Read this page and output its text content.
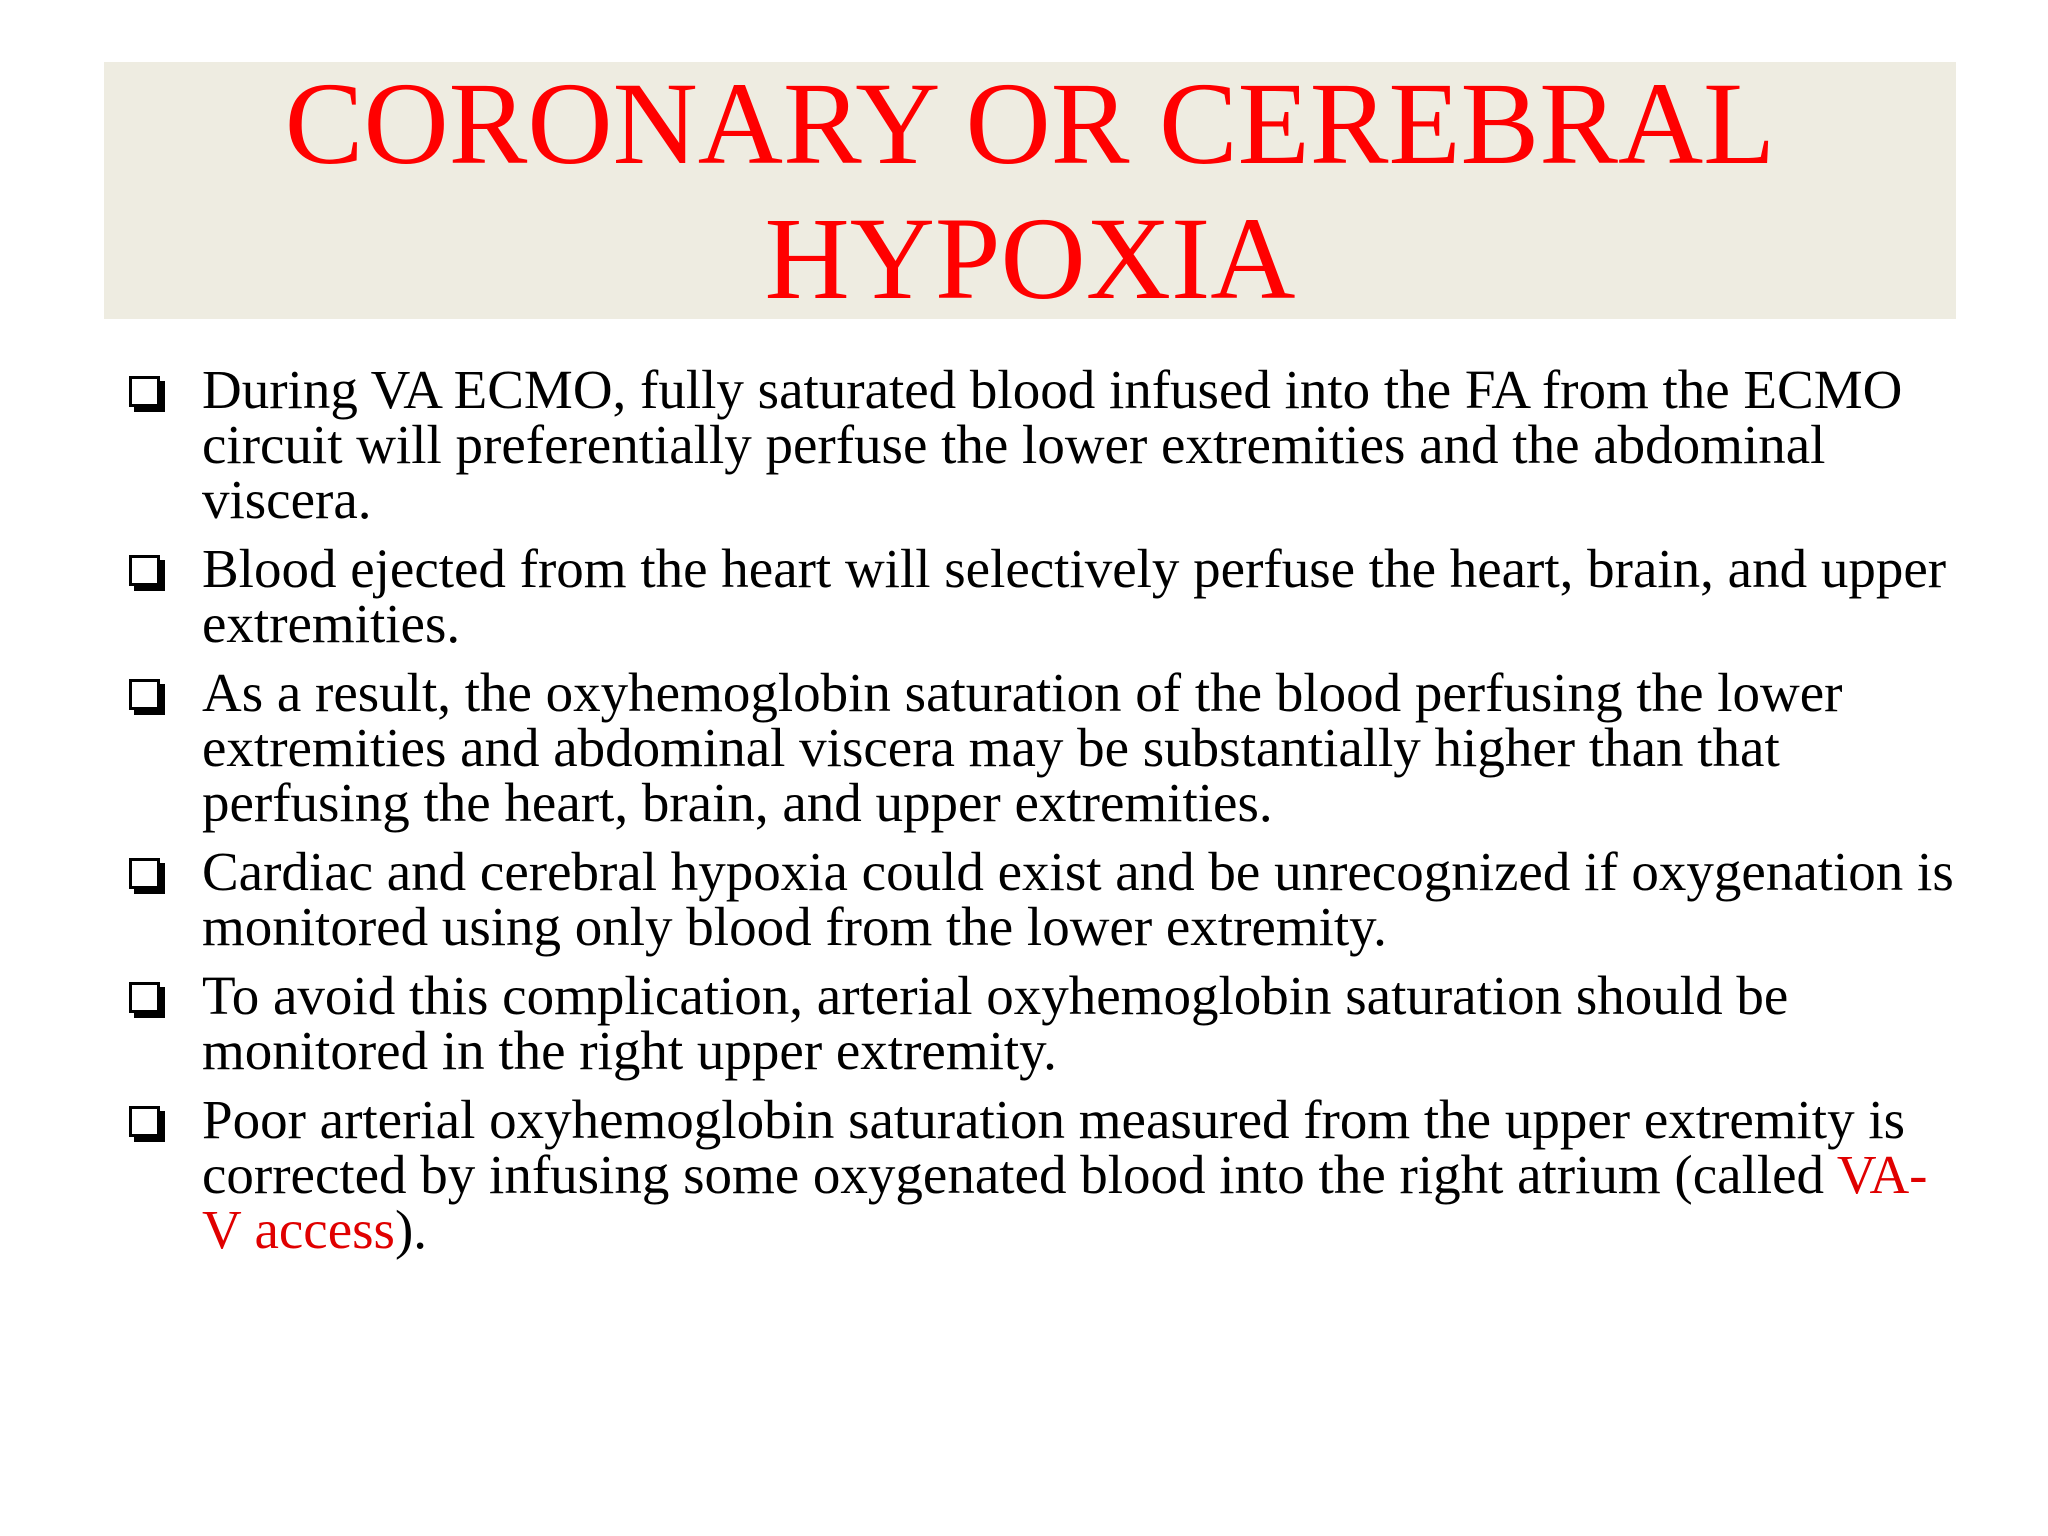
CORONARY OR CEREBRAL
HYPOXIA
During VA ECMO, fully saturated blood infused into the FA from the ECMO circuit will preferentially perfuse the lower extremities and the abdominal viscera.
Blood ejected from the heart will selectively perfuse the heart, brain, and upper extremities.
As a result, the oxyhemoglobin saturation of the blood perfusing the lower extremities and abdominal viscera may be substantially higher than that perfusing the heart, brain, and upper extremities.
Cardiac and cerebral hypoxia could exist and be unrecognized if oxygenation is monitored using only blood from the lower extremity.
To avoid this complication, arterial oxyhemoglobin saturation should be monitored in the right upper extremity.
Poor arterial oxyhemoglobin saturation measured from the upper extremity is corrected by infusing some oxygenated blood into the right atrium (called VA-V access).
